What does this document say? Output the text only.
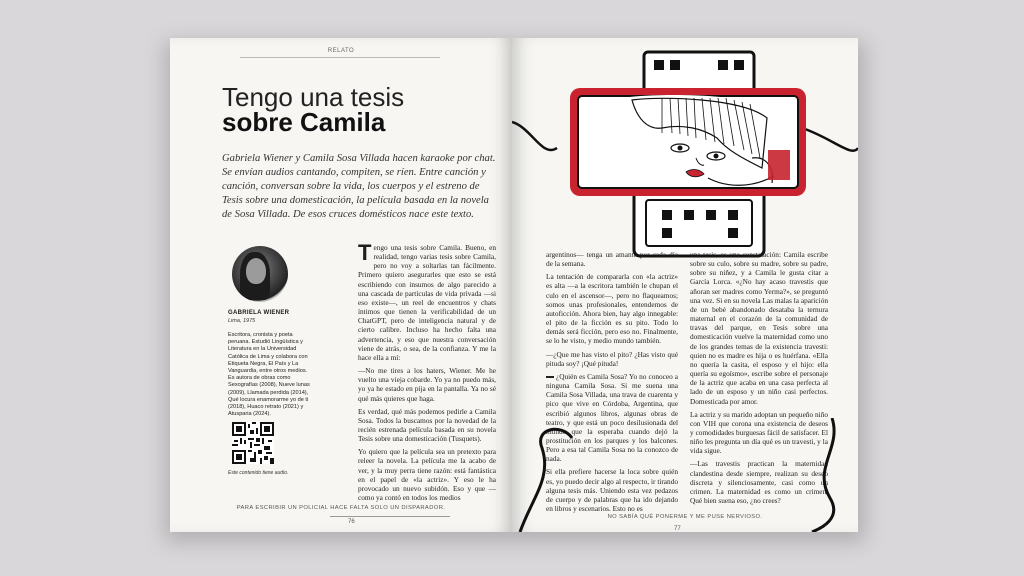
RELATO
Tengo una tesis
sobre Camila
Gabriela Wiener y Camila Sosa Villada hacen karaoke por chat. Se envían audios cantando, compiten, se ríen. Entre canción y canción, conversan sobre la vida, los cuerpos y el estreno de Tesis sobre una domesticación, la película basada en la novela de Sosa Villada. De esos cruces domésticos nace este texto.
GABRIELA WIENER
Lima, 1975
Escritora, cronista y poeta peruana. Estudió Lingüística y Literatura en la Universidad Católica de Lima y colabora con Etiqueta Negra, El País y La Vanguardia, entre otros medios. Es autora de obras como Sexografías (2008), Nueve lunas (2009), Llamada perdida (2014), Qué locura enamorarme yo de ti (2018), Huaco retrato (2021) y Atusparia (2024).
Este contenido tiene audio.

Tengo una tesis sobre Camila. Bueno, en realidad, tengo varias tesis sobre Camila, pero no voy a soltarlas tan fácilmente. Primero quiero asegurarles que esto se está escribiendo con insumos de algo parecido a una cascada de partículas de vida privada —si eso existe—, un reel de encuentros y chats íntimos que tienen la verificabilidad de un ChatGPT, pero de inteligencia natural y de cierto calibre. Incluso ha hecho falta una advertencia, y eso que nuestra conversación viene de atrás, o sea, de la confianza. Y me la hace ella a mí:

—No me tires a los haters, Wiener. Me he vuelto una vieja cobarde. Yo ya no puedo más, yo ya he estado en pija en la pantalla. Ya no sé qué más quieres que haga.

Es verdad, qué más podemos pedirle a Camila Sosa. Todos la buscamos por la novedad de la recién estrenada película basada en su novela Tesis sobre una domesticación (Tusquets).

Yo quiero que la película sea un pretexto para releer la novela. La película me la acabo de ver, y la muy perra tiene razón: está fantástica en el papel de «la actriz». Y eso le ha provocado un nuevo subidón. Eso y que —como ya contó en todos los medios

PARA ESCRIBIR UN POLICIAL HACE FALTA SOLO UN DISPARADOR.
76

argentinos— tenga un amante por cada día de la semana.

La tentación de compararla con «la actriz» es alta —a la escritora también le chupan el culo en el ascensor—, pero no flaqueamos; somos unas profesionales, entendemos de autoficción. Ahora bien, hay algo innegable: el pito de la ficción es su pito. Todo lo demás será ficción, pero eso no. Finalmente, se lo he visto, y medio mundo también.

—¿Que me has visto el pito? ¿Has visto qué pituda soy? ¡Qué pituda!

¿Quién es Camila Sosa? Yo no conoceo a ninguna Camila Sosa. Si me suena una Camila Sosa Villada, una trava de cuarenta y pico que vive en Córdoba, Argentina, que escribió algunos libros, algunas obras de teatro, y que está un poco desilusionada del mundo que la esperaba cuando dejó la prostitución en los parques y los balcones. Pero a esa tal Camila Sosa no la conozco de nada.

Si ella prefiere hacerse la loca sobre quién es, yo puedo decir algo al respecto, ir tirando alguna tesis más. Uniendo esta vez pedazos de cuerpo y de palabras que ha ido dejando en libros y escenarios. Esto no es

una tesis, es una constatación: Camila escribe sobre su culo, sobre su madre, sobre su padre, sobre su niñez, y a Camila le gusta citar a García Lorca. «¿No hay acaso travestis que añoran ser madres como Yerma?», se preguntó una vez. Si en su novela Las malas la aparición de un bebé abandonado desataba la ternura maternal en el corazón de la comunidad de travas del parque, en Tesis sobre una domesticación vuelve la maternidad como uno de los grandes temas de la existencia travesti: quien no es madre es hija o es huérfana. «Ella no quería la casita, el esposo y el hijo: ella quería su egoísmo», escribe sobre el personaje de la actriz que acaba en una casa perfecta al lado de un esposo y un niño casi perfectos. Domesticada por amor.

La actriz y su marido adoptan un pequeño niño con VIH que corona una existencia de deseos y comodidades burguesas fácil de satisfacer. El niño les pregunta un día qué es un travesti, y la vida sigue.

—Las travestis practican la maternidad clandestina desde siempre, realizan su deseo discreta y silenciosamente, casi como un crimen. La maternidad es como un crimen. Qué bien suena eso, ¿no crees?

NO SABÍA QUÉ PONERME Y ME PUSE NERVIOSO.
77
